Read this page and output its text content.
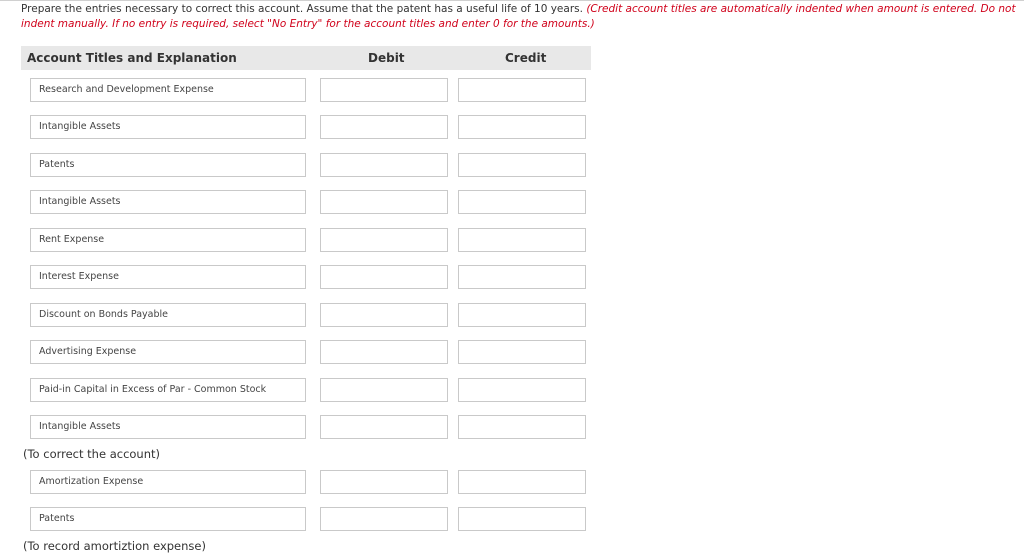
Prepare the entries necessary to correct this account. Assume that the patent has a useful life of 10 years. (Credit account titles are automatically indented when amount is entered. Do not indent manually. If no entry is required, select "No Entry" for the account titles and enter 0 for the amounts.)
Account Titles and Explanation	Debit	Credit
Research and Development Expense
Intangible Assets
Patents
Intangible Assets
Rent Expense
Interest Expense
Discount on Bonds Payable
Advertising Expense
Paid-in Capital in Excess of Par - Common Stock
Intangible Assets
(To correct the account)
Amortization Expense
Patents
(To record amortiztion expense)
